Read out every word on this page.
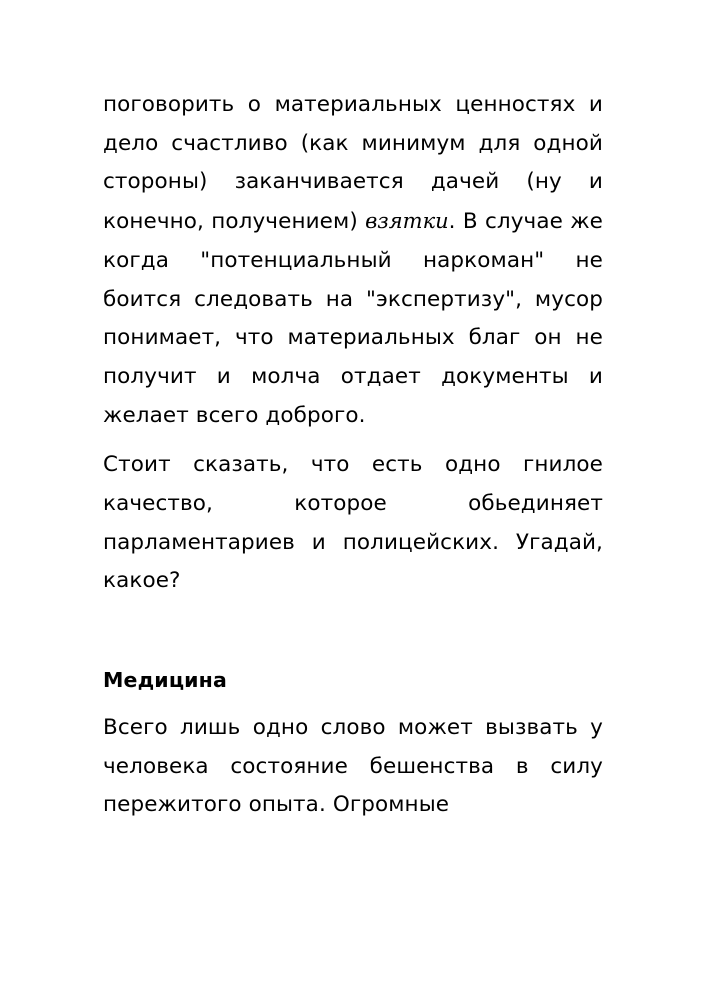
поговорить о материальных ценностях и дело счастливо (как минимум для одной стороны) заканчивается дачей (ну и конечно, получением) взятки. В случае же когда "потенциальный наркоман" не боится следовать на "экспертизу", мусор понимает, что материальных благ он не получит и молча отдает документы и желает всего доброго.

Стоит сказать, что есть одно гнилое качество, которое обьединяет парламентариев и полицейских. Угадай, какое?

Медицина

Всего лишь одно слово может вызвать у человека состояние бешенства в силу пережитого опыта. Огромные
